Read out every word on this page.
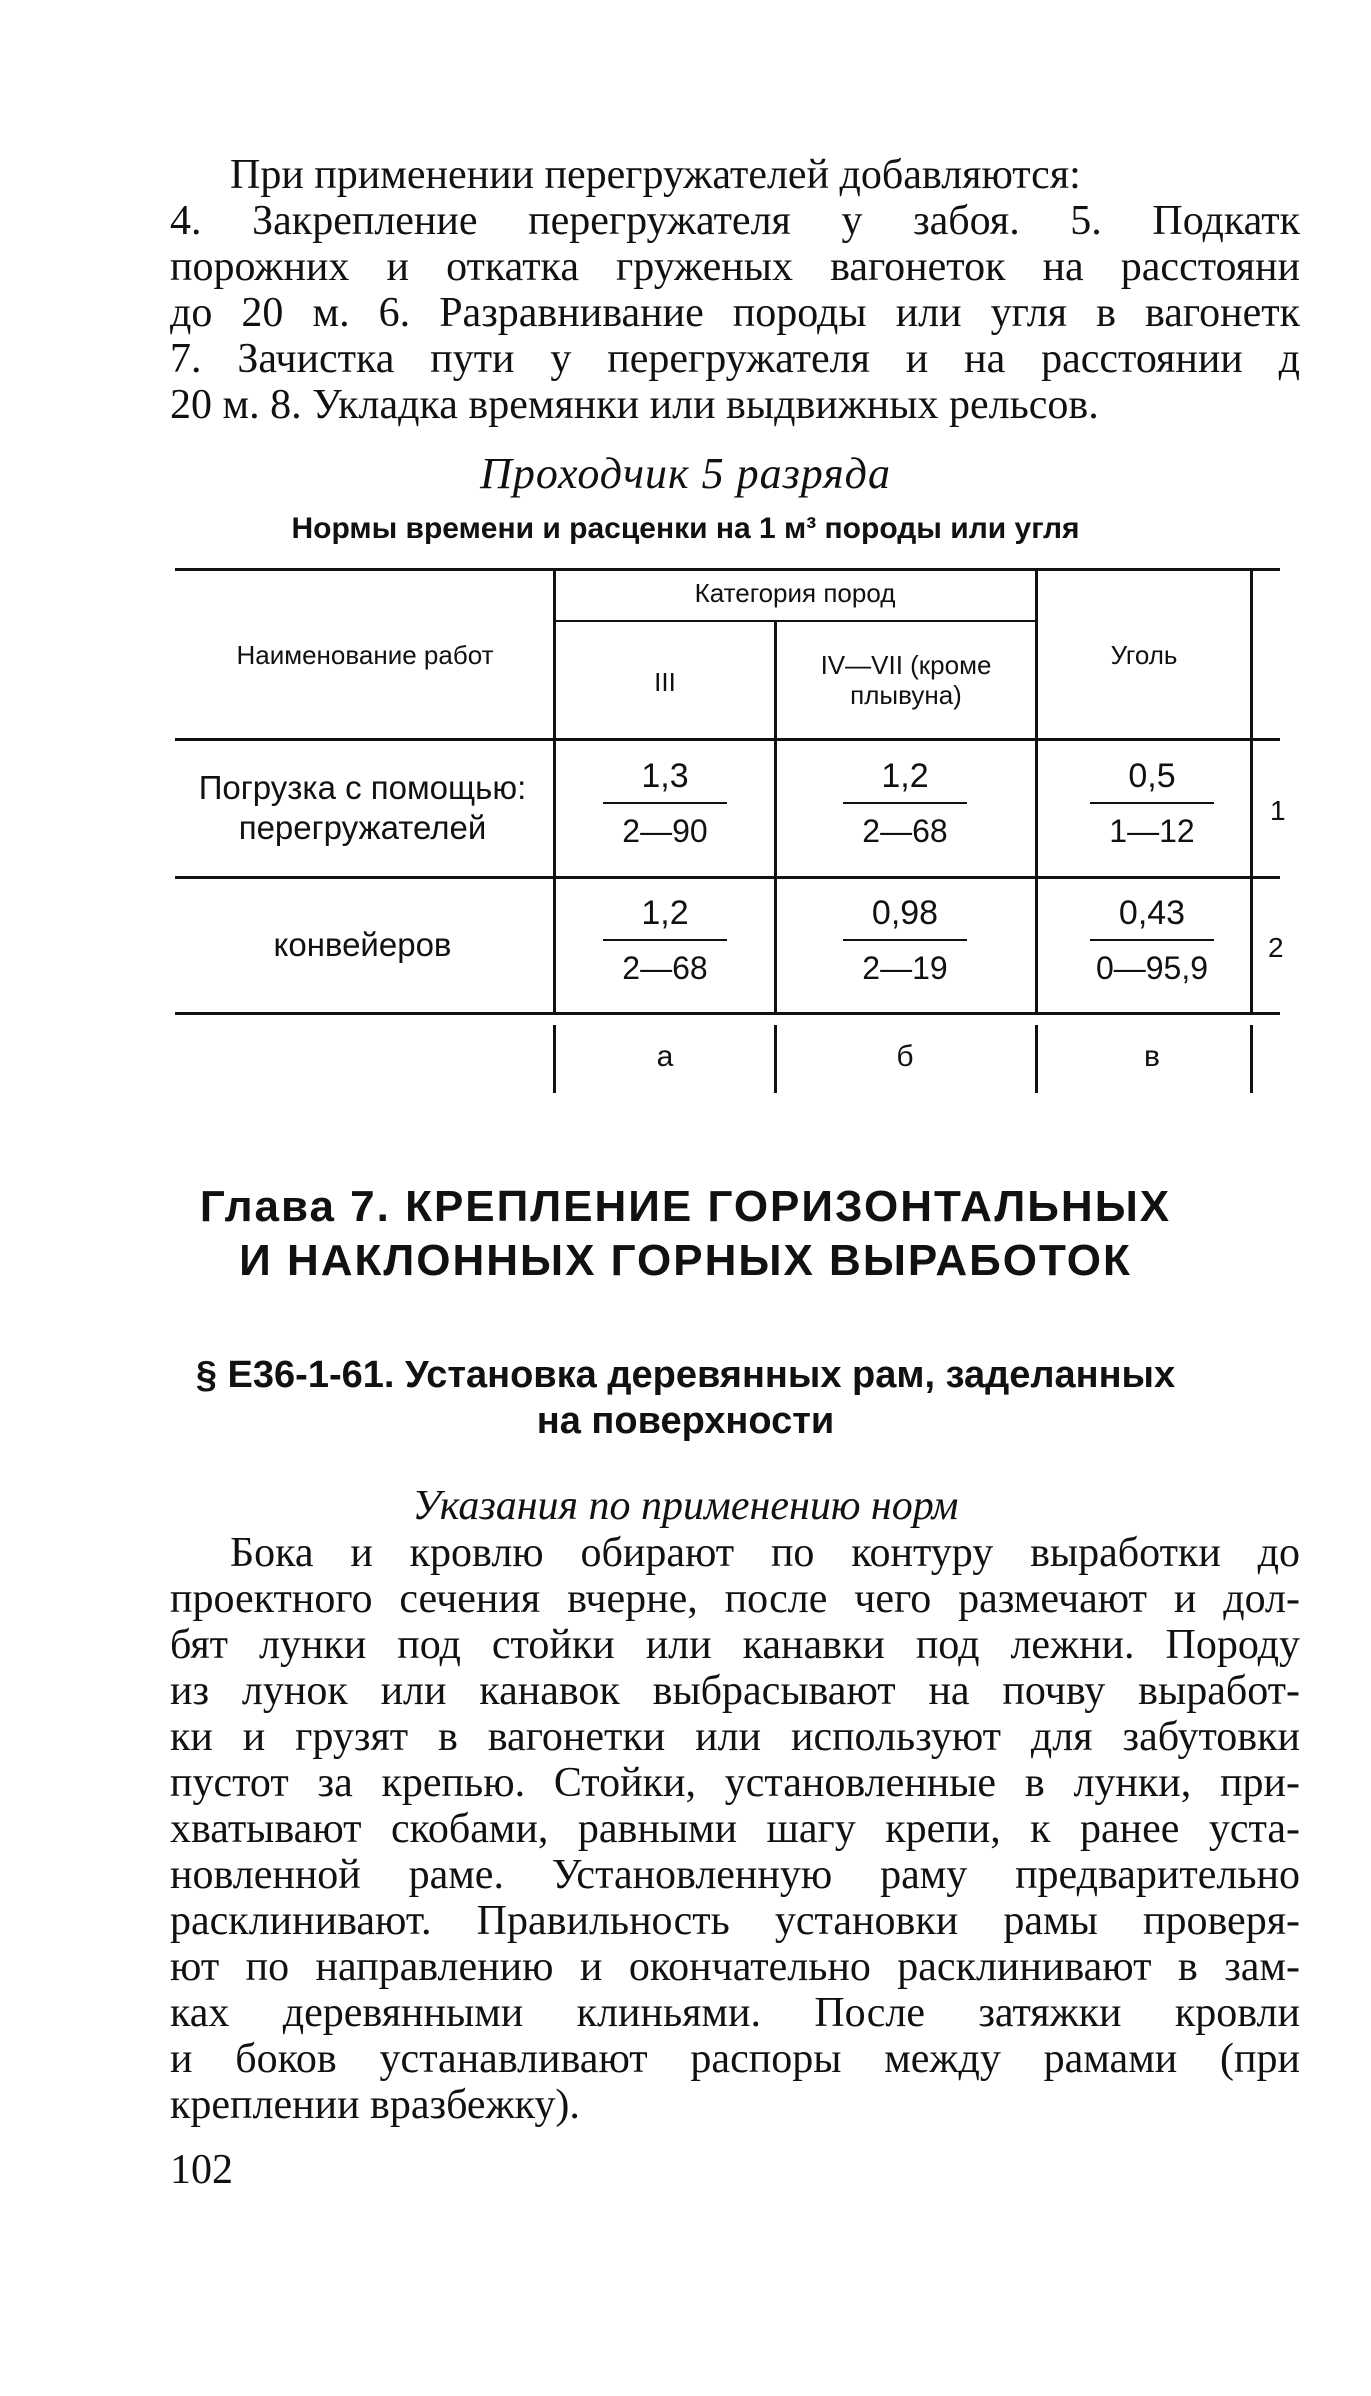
При применении перегружателей добавляются:
4. Закрепление перегружателя у забоя. 5. Подкатк
порожних и откатка груженых вагонеток на расстояни
до 20 м. 6. Разравнивание породы или угля в вагонетк
7. Зачистка пути у перегружателя и на расстоянии д
20 м. 8. Укладка времянки или выдвижных рельсов.
Проходчик 5 разряда
Нормы времени и расценки на 1 м³ породы или угля
Наименование работ
Категория пород
III
IV—VII (кроме
плывуна)
Уголь
Погрузка с помощью:
перегружателей
1,3
2—90
1,2
2—68
0,5
1—12
1
конвейеров
1,2
2—68
0,98
2—19
0,43
0—95,9
2
а	б	в
Глава 7. КРЕПЛЕНИЕ ГОРИЗОНТАЛЬНЫХ
И НАКЛОННЫХ ГОРНЫХ ВЫРАБОТОК
§ Е36-1-61. Установка деревянных рам, заделанных
на поверхности
Указания по применению норм
Бока и кровлю обирают по контуру выработки до
проектного сечения вчерне, после чего размечают и дол-
бят лунки под стойки или канавки под лежни. Породу
из лунок или канавок выбрасывают на почву выработ-
ки и грузят в вагонетки или используют для забутовки
пустот за крепью. Стойки, установленные в лунки, при-
хватывают скобами, равными шагу крепи, к ранее уста-
новленной раме. Установленную раму предварительно
расклинивают. Правильность установки рамы проверя-
ют по направлению и окончательно расклинивают в зам-
ках деревянными клиньями. После затяжки кровли
и боков устанавливают распоры между рамами (при
креплении вразбежку).
102
